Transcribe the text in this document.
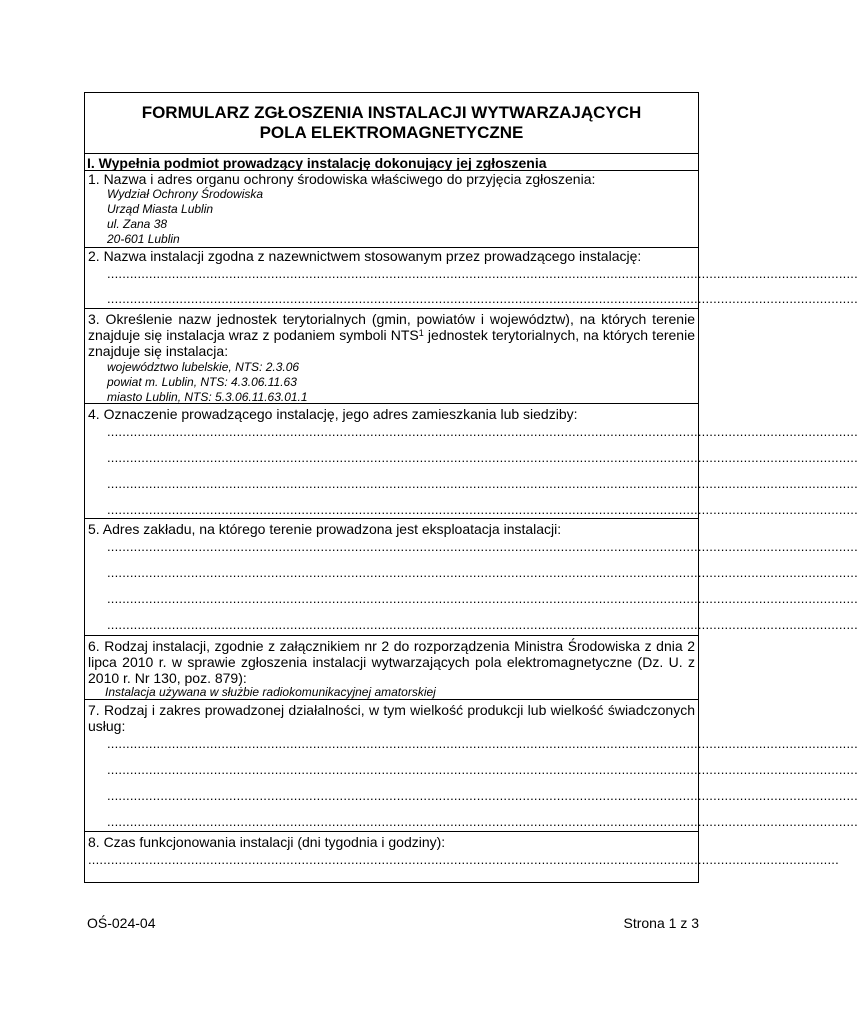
FORMULARZ ZGŁOSZENIA INSTALACJI WYTWARZAJĄCYCH
POLA ELEKTROMAGNETYCZNE
I. Wypełnia podmiot prowadzący instalację dokonujący jej zgłoszenia
1. Nazwa i adres organu ochrony środowiska właściwego do przyjęcia zgłoszenia:
Wydział Ochrony Środowiska
Urząd Miasta Lublin
ul. Zana 38
20-601 Lublin
2. Nazwa instalacji zgodna z nazewnictwem stosowanym przez prowadzącego instalację:
.....................................................................................................................................................................................................
.....................................................................................................................................................................................................
3. Określenie nazw jednostek terytorialnych (gmin, powiatów i województw), na których terenie znajduje się instalacja wraz z podaniem symboli NTS$^1$ jednostek terytorialnych, na których terenie znajduje się instalacja:
województwo lubelskie, NTS: 2.3.06
powiat m. Lublin, NTS: 4.3.06.11.63
miasto Lublin, NTS: 5.3.06.11.63.01.1
4. Oznaczenie prowadzącego instalację, jego adres zamieszkania lub siedziby:
.....................................................................................................................................................................................................
.....................................................................................................................................................................................................
.....................................................................................................................................................................................................
.....................................................................................................................................................................................................
5. Adres zakładu, na którego terenie prowadzona jest eksploatacja instalacji:
.....................................................................................................................................................................................................
.....................................................................................................................................................................................................
.....................................................................................................................................................................................................
.....................................................................................................................................................................................................
6. Rodzaj instalacji, zgodnie z załącznikiem nr 2 do rozporządzenia Ministra Środowiska z dnia 2 lipca 2010 r. w sprawie zgłoszenia instalacji wytwarzających pola elektromagnetyczne (Dz. U. z 2010 r. Nr 130, poz. 879):
Instalacja używana w służbie radiokomunikacyjnej amatorskiej
7. Rodzaj i zakres prowadzonej działalności, w tym wielkość produkcji lub wielkość świadczonych usług:
.....................................................................................................................................................................................................
.....................................................................................................................................................................................................
.....................................................................................................................................................................................................
.....................................................................................................................................................................................................
8. Czas funkcjonowania instalacji (dni tygodnia i godziny):
.....................................................................................................................................................................................................
OŚ-024-04	Strona 1 z 3
